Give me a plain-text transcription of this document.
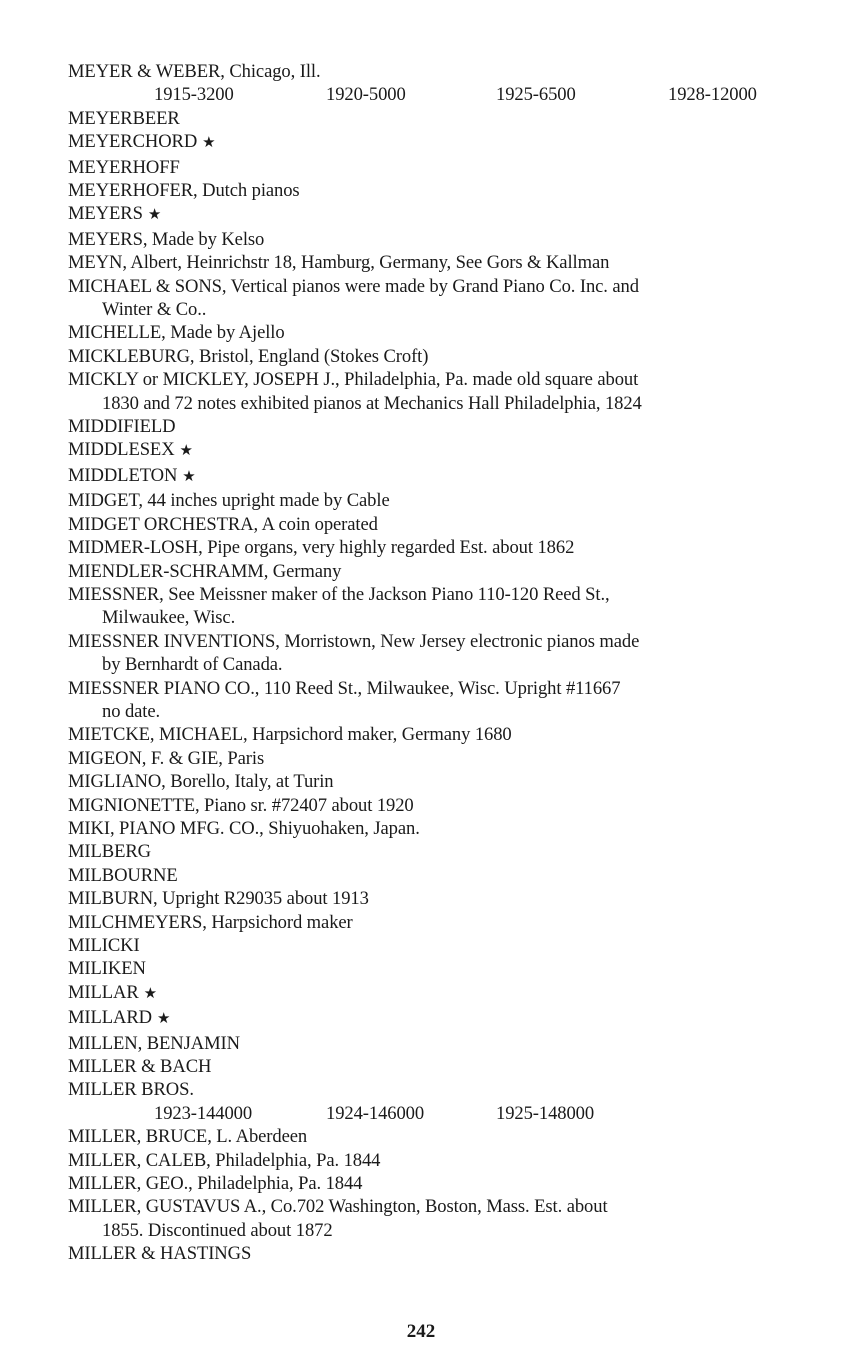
MEYER & WEBER, Chicago, Ill.
1915-3200	1920-5000	1925-6500	1928-12000
MEYERBEER
MEYERCHORD ★
MEYERHOFF
MEYERHOFER, Dutch pianos
MEYERS ★
MEYERS, Made by Kelso
MEYN, Albert, Heinrichstr 18, Hamburg, Germany, See Gors & Kallman
MICHAEL & SONS, Vertical pianos were made by Grand Piano Co. Inc. and
Winter & Co..
MICHELLE, Made by Ajello
MICKLEBURG, Bristol, England (Stokes Croft)
MICKLY or MICKLEY, JOSEPH J., Philadelphia, Pa. made old square about
1830 and 72 notes exhibited pianos at Mechanics Hall Philadelphia, 1824
MIDDIFIELD
MIDDLESEX ★
MIDDLETON ★
MIDGET, 44 inches upright made by Cable
MIDGET ORCHESTRA, A coin operated
MIDMER-LOSH, Pipe organs, very highly regarded Est. about 1862
MIENDLER-SCHRAMM, Germany
MIESSNER, See Meissner maker of the Jackson Piano 110-120 Reed St.,
Milwaukee, Wisc.
MIESSNER INVENTIONS, Morristown, New Jersey electronic pianos made
by Bernhardt of Canada.
MIESSNER PIANO CO., 110 Reed St., Milwaukee, Wisc. Upright #11667
no date.
MIETCKE, MICHAEL, Harpsichord maker, Germany 1680
MIGEON, F. & GIE, Paris
MIGLIANO, Borello, Italy, at Turin
MIGNIONETTE, Piano sr. #72407 about 1920
MIKI, PIANO MFG. CO., Shiyuohaken, Japan.
MILBERG
MILBOURNE
MILBURN, Upright R29035 about 1913
MILCHMEYERS, Harpsichord maker
MILICKI
MILIKEN
MILLAR ★
MILLARD ★
MILLEN, BENJAMIN
MILLER & BACH
MILLER BROS.
1923-144000	1924-146000	1925-148000
MILLER, BRUCE, L. Aberdeen
MILLER, CALEB, Philadelphia, Pa. 1844
MILLER, GEO., Philadelphia, Pa. 1844
MILLER, GUSTAVUS A., Co.702 Washington, Boston, Mass. Est. about
1855. Discontinued about 1872
MILLER & HASTINGS
242
